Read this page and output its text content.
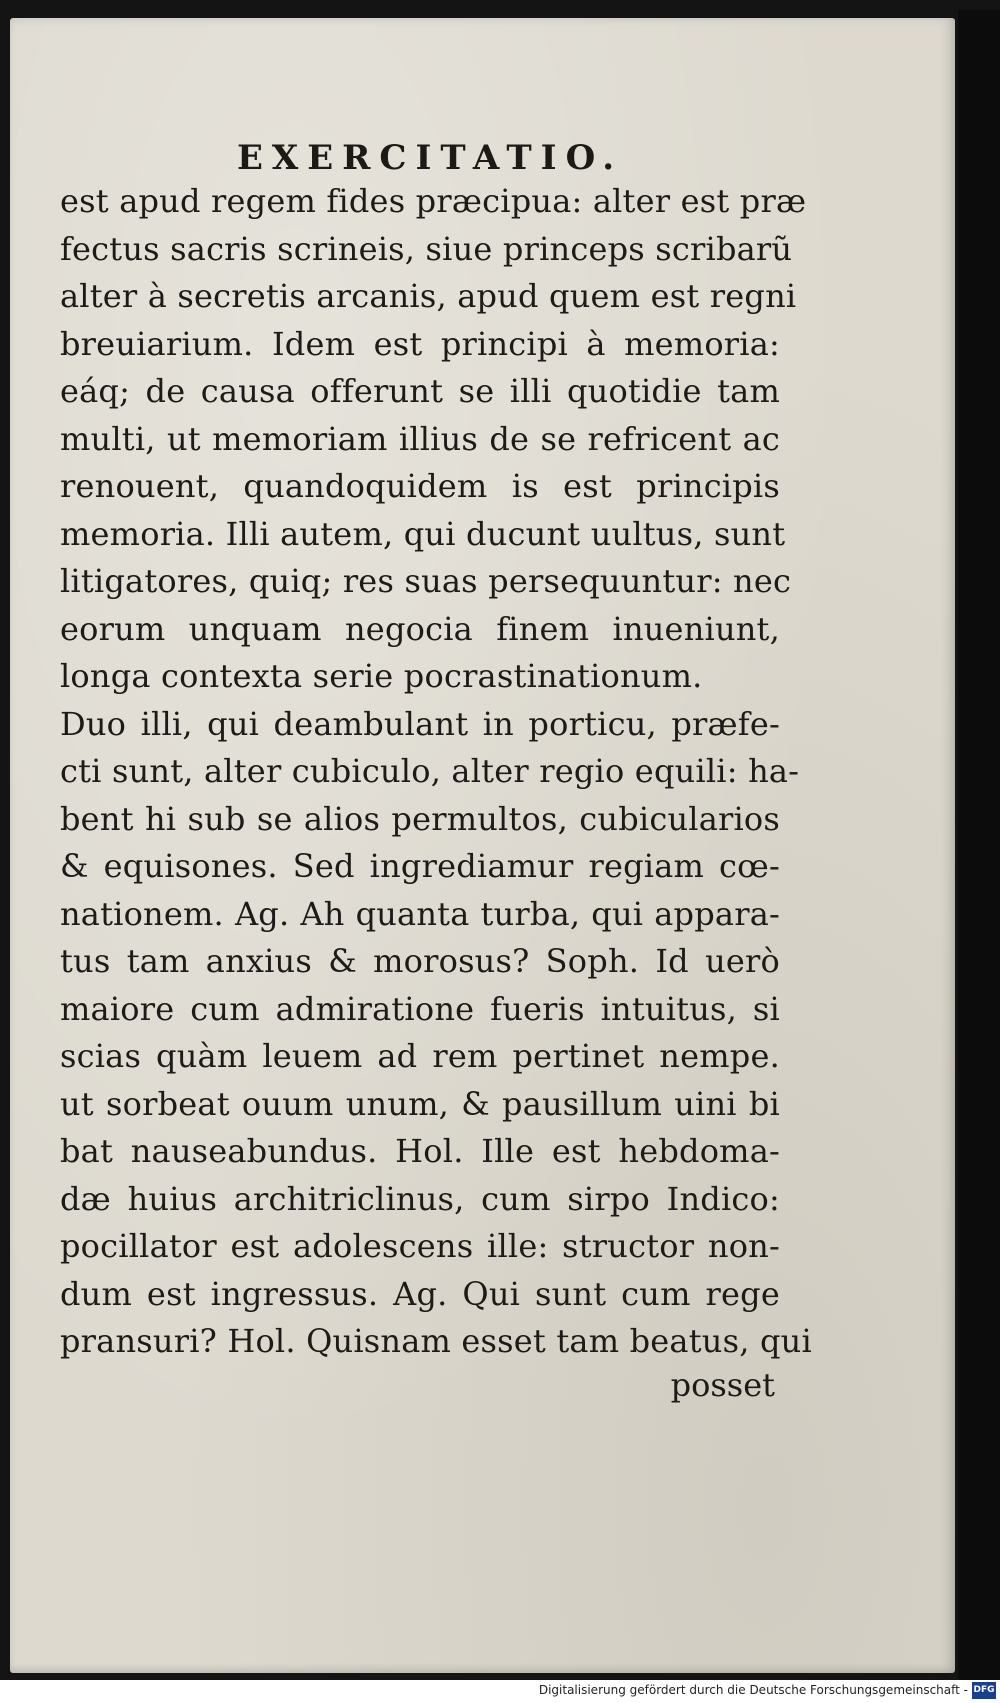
EXERCITATIO.
est apud regem fides præcipua: alter est præ
fectus sacris scrineis, siue princeps scribarũ
alter à secretis arcanis, apud quem est regni
breuiarium. Idem est principi à memoria:
eáq; de causa offerunt se illi quotidie tam
multi, ut memoriam illius de se refricent ac
renouent, quandoquidem is est principis
memoria. Illi autem, qui ducunt uultus, sunt
litigatores, quiq; res suas persequuntur: nec
eorum unquam negocia finem inueniunt,
longa contexta serie pocrastinationum.
Duo illi, qui deambulant in porticu, præfe-
cti sunt, alter cubiculo, alter regio equili: ha-
bent hi sub se alios permultos, cubicularios
& equisones. Sed ingrediamur regiam cœ-
nationem. Ag. Ah quanta turba, qui appara-
tus tam anxius & morosus? Soph. Id uerò
maiore cum admiratione fueris intuitus, si
scias quàm leuem ad rem pertinet nempe.
ut sorbeat ouum unum, & pausillum uini bi
bat nauseabundus. Hol. Ille est hebdoma-
dæ huius architriclinus, cum sirpo Indico:
pocillator est adolescens ille: structor non-
dum est ingressus. Ag. Qui sunt cum rege
pransuri? Hol. Quisnam esset tam beatus, qui
posset
Digitalisierung gefördert durch die Deutsche Forschungsgemeinschaft - DFG
